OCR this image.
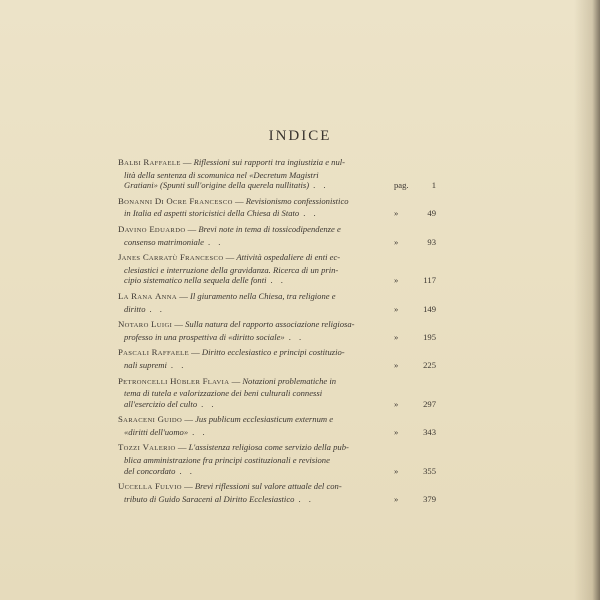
INDICE
BALBI RAFFAELE — Riflessioni sui rapporti tra ingiustizia e nul-
lità della sentenza di scomunica nel «Decretum Magistri
Gratiani» (Spunti sull'origine della querela nullitatis) . .	pag.	1
BONANNI DI OCRE FRANCESCO — Revisionismo confessionistico
in Italia ed aspetti storicistici della Chiesa di Stato . .	»	49
DAVINO EDUARDO — Brevi note in tema di tossicodipendenze e
consenso matrimoniale . .	»	93
JANES CARRATÙ FRANCESCO — Attività ospedaliere di enti ec-
clesiastici e interruzione della gravidanza. Ricerca di un prin-
cipio sistematico nella sequela delle fonti . .	»	117
LA RANA ANNA — Il giuramento nella Chiesa, tra religione e
diritto . .	»	149
NOTARO LUIGI — Sulla natura del rapporto associazione religiosa-
professo in una prospettiva di «diritto sociale» . .	»	195
PASCALI RAFFAELE — Diritto ecclesiastico e principi costituzio-
nali supremi . .	»	225
PETRONCELLI HÜBLER FLAVIA — Notazioni problematiche in
tema di tutela e valorizzazione dei beni culturali connessi
all'esercizio del culto . .	»	297
SARACENI GUIDO — Jus publicum ecclesiasticum externum e
«diritti dell'uomo» . .	»	343
TOZZI VALERIO — L'assistenza religiosa come servizio della pub-
blica amministrazione fra principi costituzionali e revisione
del concordato . .	»	355
UCCELLA FULVIO — Brevi riflessioni sul valore attuale del con-
tributo di Guido Saraceni al Diritto Ecclesiastico . .	»	379
